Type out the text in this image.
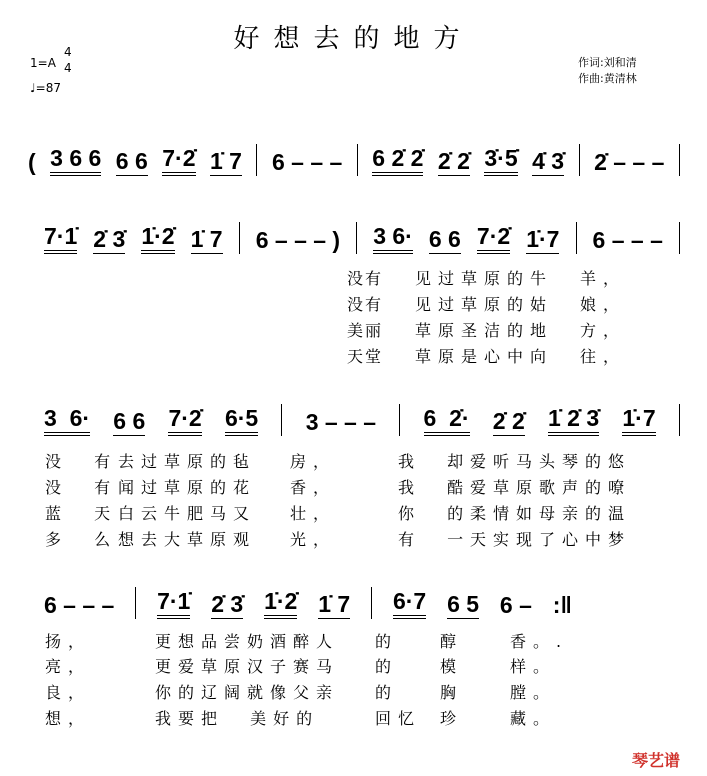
好想去的地方
1=A
4
4
♩=87
作词:刘和清
作曲:黄清林
( 3 6 6 6 6 7·2̇ 1̇ 7 6 – – – 6 2̇ 2̇ 2̇ 2̇ 3̇·5̇ 4̇ 3̇ 2̇ – – –
7·1̇ 2̇ 3̇ 1̇·2̇ 1̇ 7 6 – – – ) 3 6· 6 6 7·2̇ 1̇·7 6 – – –
3  6· 6 6 7·2̇ 6·5 3 – – – 6  2̇· 2̇ 2̇ 1̇ 2̇ 3̇ 1̇·7
6 – – – 7·1̇ 2̇ 3̇ 1̇·2̇ 1̇ 7 6·7 6 5 6 – :‖
没有 见过草原的牛 羊，
没有 见过草原的姑 娘，
美丽 草原圣洁的地 方，
天堂 草原是心中向 往，
没 有 去过草原的毡 房，	我 却 爱听马头琴的悠
没 有 闻过草原的花 香，	我 酷 爱草原歌声的嘹
蓝 天 白云牛肥马又 壮，	你 的 柔情如母亲的温
多 么 想去大草原观 光，	有 一 天实现了心中梦
扬，	更想品尝奶酒醉人 的	醇	香。.
亮，	更爱草原汉子赛马 的	模	样。
良，	你的辽阔就像父亲 的	胸	膛。
想，	我要把 美好的	回忆 珍	藏。
琴艺谱
